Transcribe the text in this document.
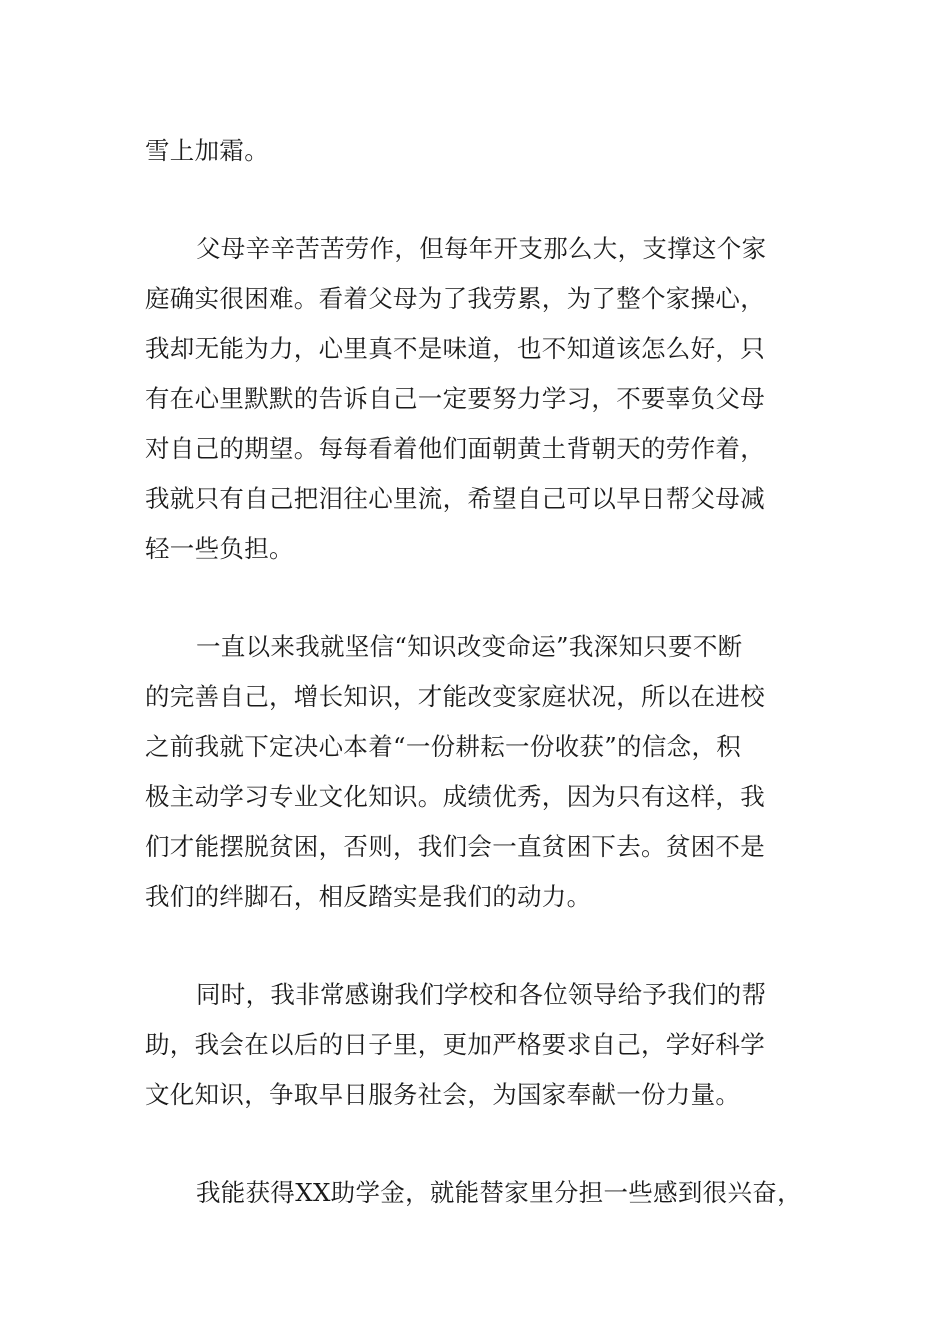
雪上加霜。
父母辛辛苦苦劳作，但每年开支那么大，支撑这个家
庭确实很困难。看着父母为了我劳累，为了整个家操心，
我却无能为力，心里真不是味道，也不知道该怎么好，只
有在心里默默的告诉自己一定要努力学习，不要辜负父母
对自己的期望。每每看着他们面朝黄土背朝天的劳作着，
我就只有自己把泪往心里流，希望自己可以早日帮父母减
轻一些负担。
一直以来我就坚信“知识改变命运”我深知只要不断
的完善自己，增长知识，才能改变家庭状况，所以在进校
之前我就下定决心本着“一份耕耘一份收获”的信念，积
极主动学习专业文化知识。成绩优秀，因为只有这样，我
们才能摆脱贫困，否则，我们会一直贫困下去。贫困不是
我们的绊脚石，相反踏实是我们的动力。
同时，我非常感谢我们学校和各位领导给予我们的帮
助，我会在以后的日子里，更加严格要求自己，学好科学
文化知识，争取早日服务社会，为国家奉献一份力量。
我能获得XX助学金，就能替家里分担一些感到很兴奋，
